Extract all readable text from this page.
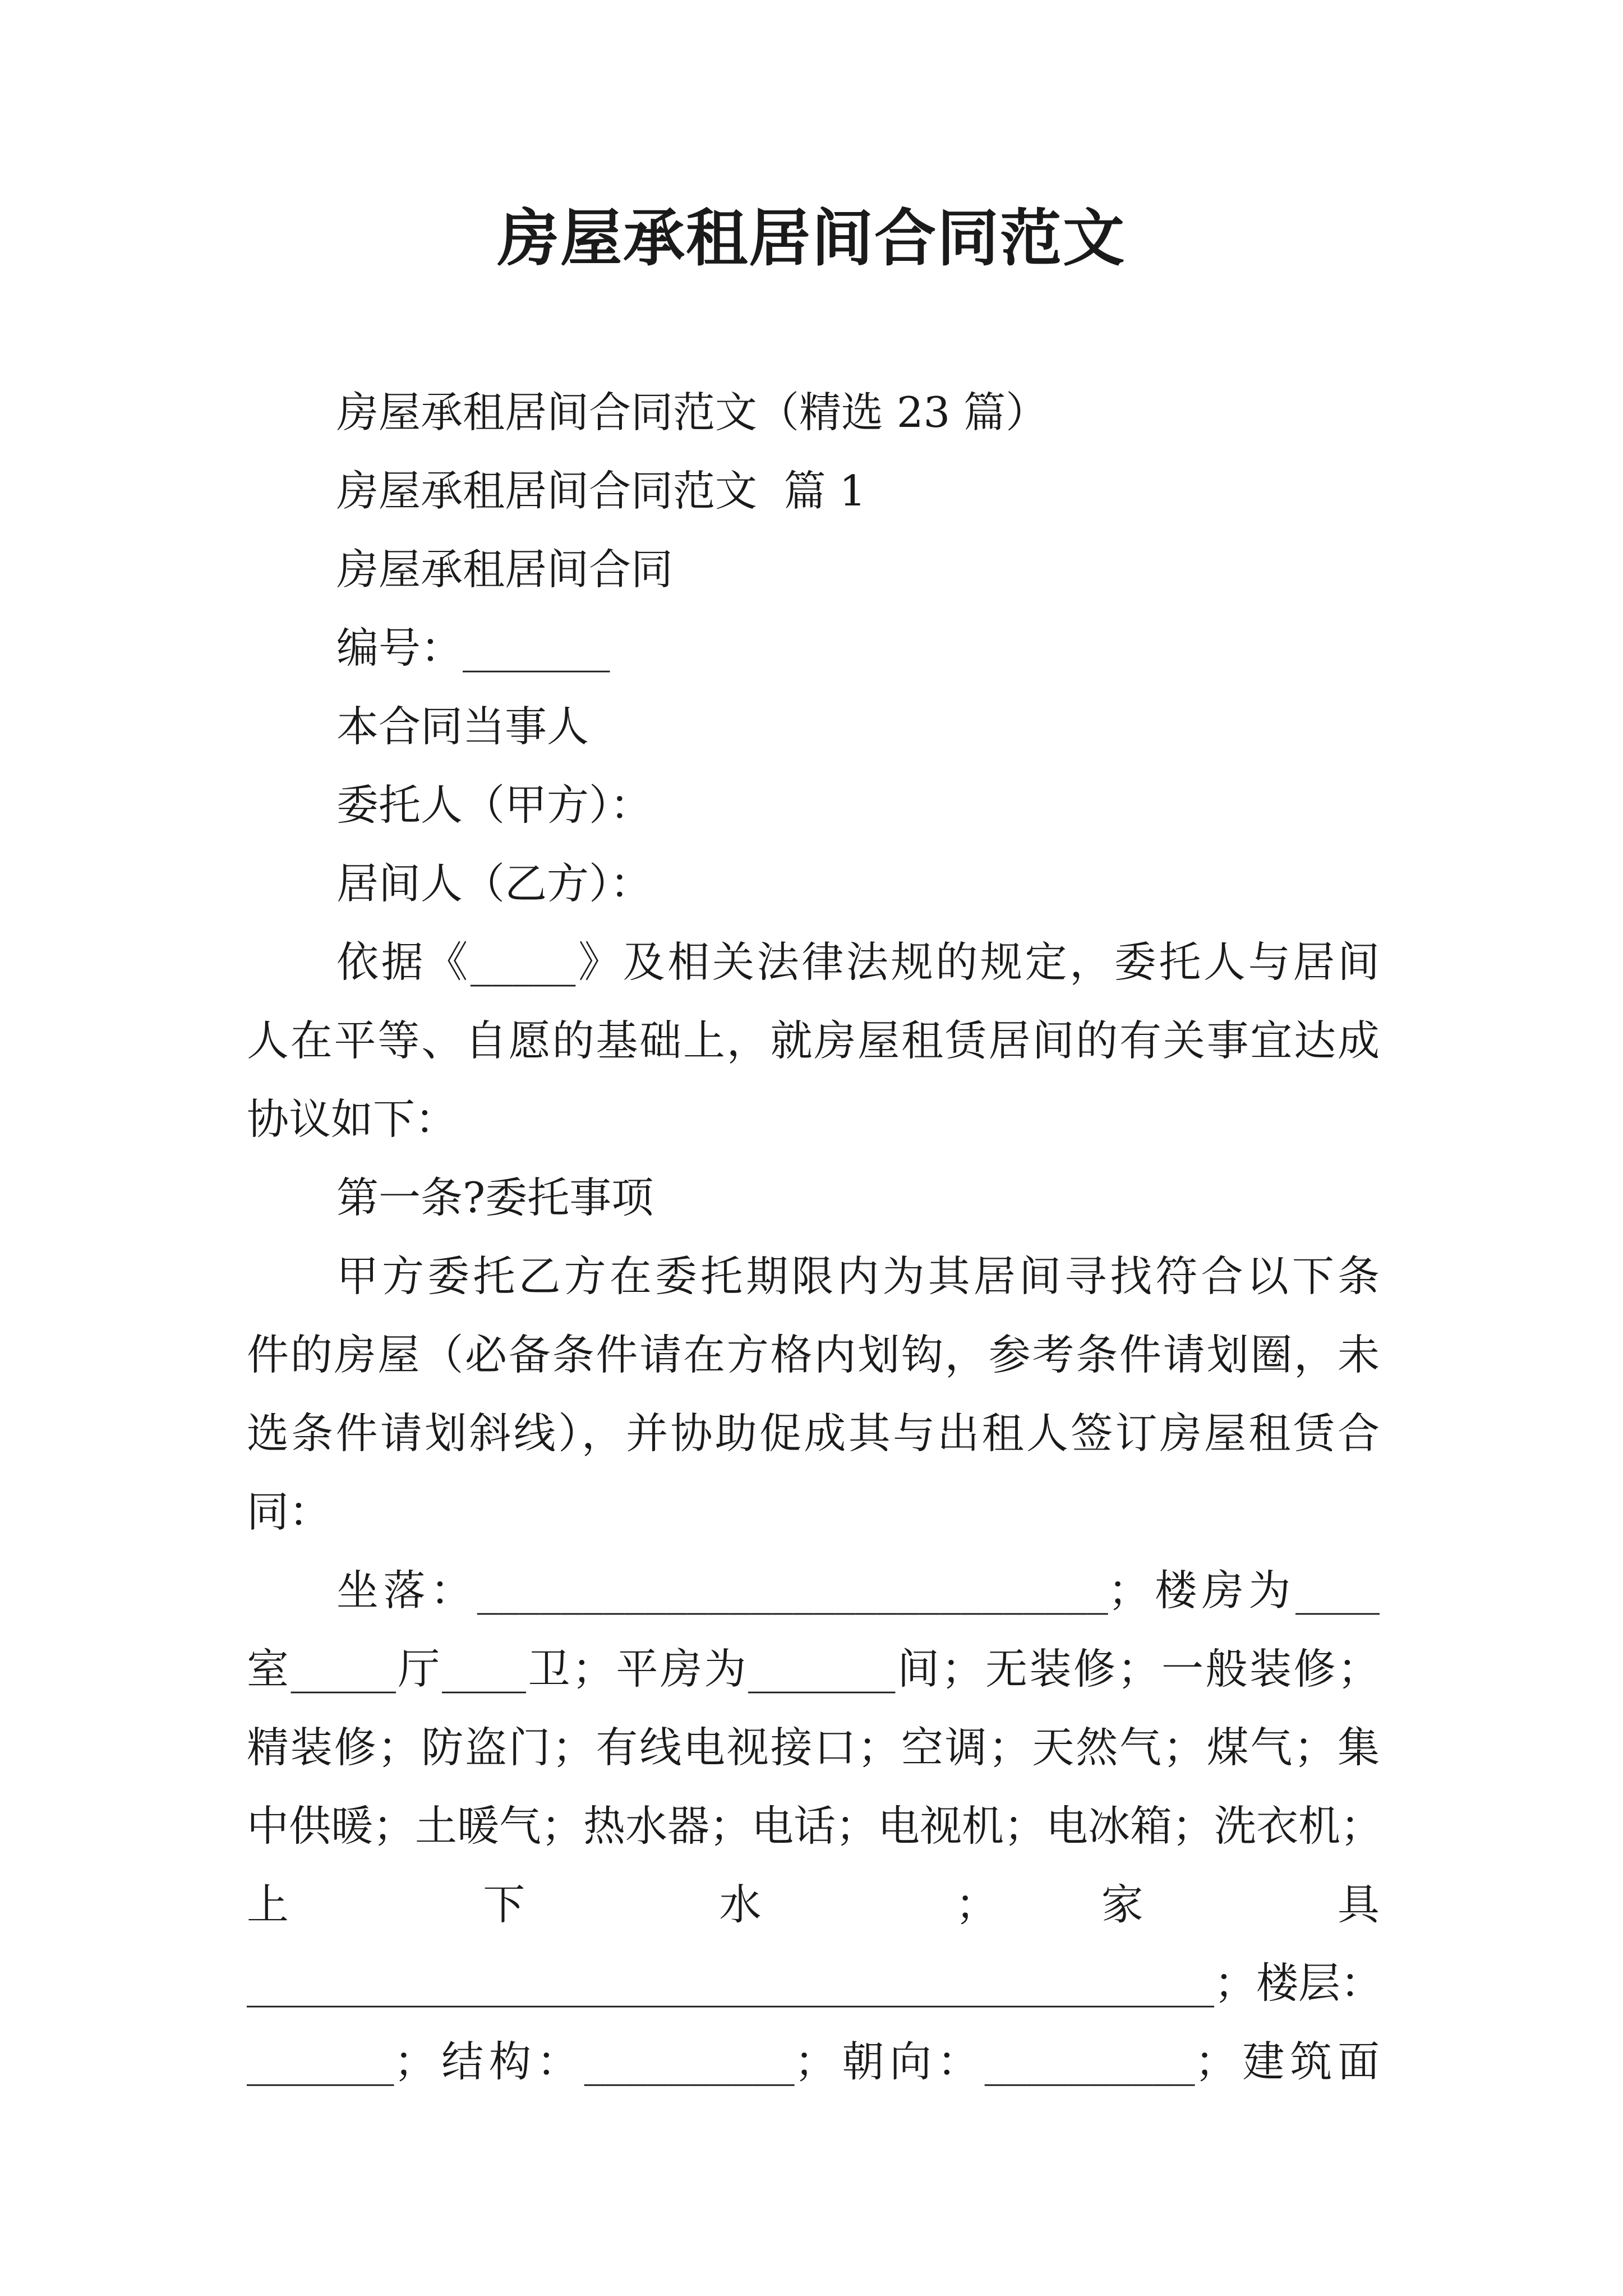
房屋承租居间合同范文
房屋承租居间合同范文（精选 23 篇）
房屋承租居间合同范文  篇 1
房屋承租居间合同
编号：_______
本合同当事人
委托人（甲方）：
居间人（乙方）：
依据《_____》及相关法律法规的规定，委托人与居间
人在平等、自愿的基础上，就房屋租赁居间的有关事宜达成
协议如下：
第一条?委托事项
甲方委托乙方在委托期限内为其居间寻找符合以下条
件的房屋（必备条件请在方格内划钩，参考条件请划圈，未
选条件请划斜线），并协助促成其与出租人签订房屋租赁合
同：
坐落：______________________________；楼房为____
室_____厅____卫；平房为_______间；无装修；一般装修；
精装修；防盗门；有线电视接口；空调；天然气；煤气；集
中供暖；土暖气；热水器；电话；电视机；电冰箱；洗衣机；
上 下 水 ； 家 具
______________________________________________；楼层：
_______；结构：__________；朝向：__________；建筑面
